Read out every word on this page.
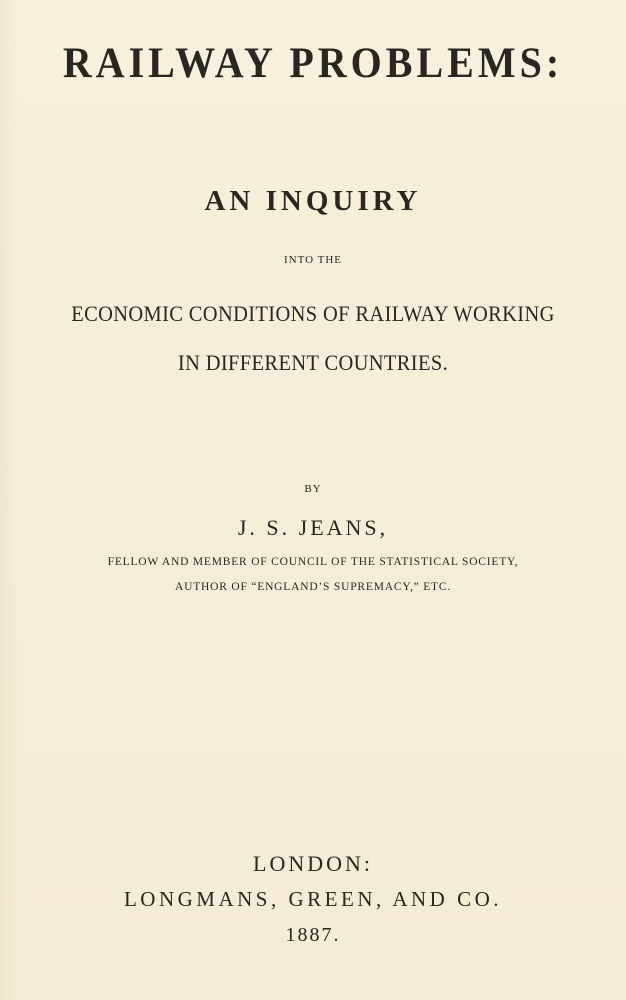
RAILWAY PROBLEMS:
AN INQUIRY

INTO THE

ECONOMIC CONDITIONS OF RAILWAY WORKING

IN DIFFERENT COUNTRIES.

BY

J. S. JEANS,

FELLOW AND MEMBER OF COUNCIL OF THE STATISTICAL SOCIETY,

AUTHOR OF “ENGLAND’S SUPREMACY,” ETC.

LONDON:

LONGMANS, GREEN, AND CO.

1887.
